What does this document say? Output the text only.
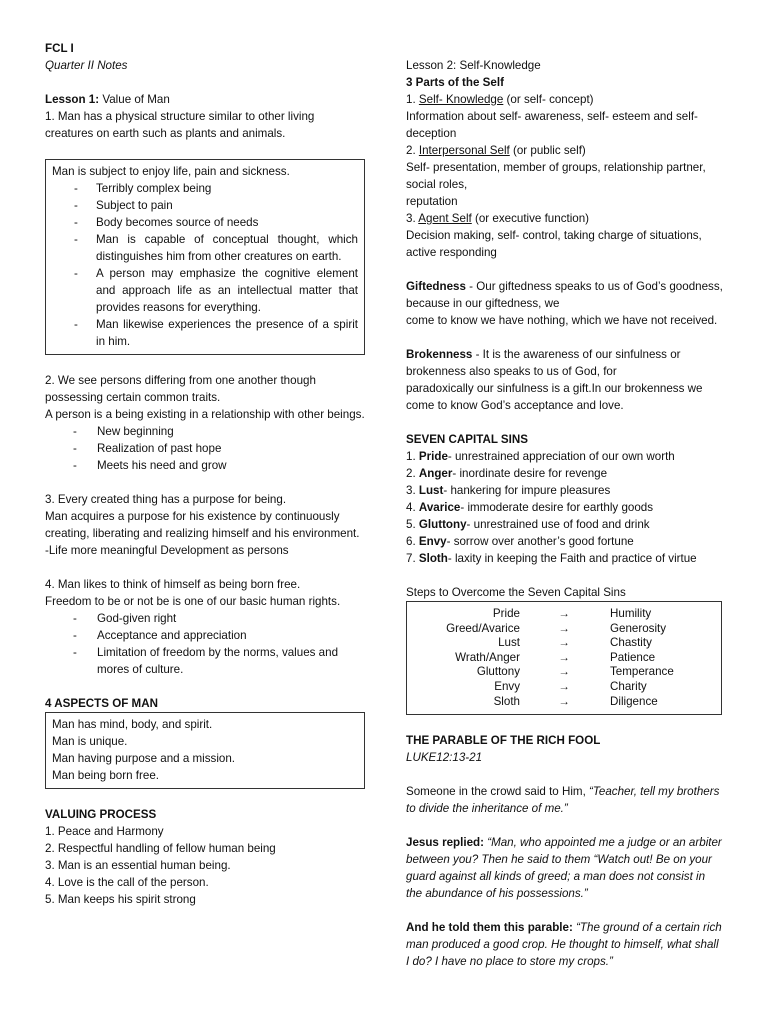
FCL I

Quarter II Notes

Lesson 1: Value of Man

1. Man has a physical structure similar to other living creatures on earth such as plants and animals.

Man is subject to enjoy life, pain and sickness.

- Terribly complex being
- Subject to pain
- Body becomes source of needs
- Man is capable of conceptual thought, which distinguishes him from other creatures on earth.
- A person may emphasize the cognitive element and approach life as an intellectual matter that provides reasons for everything.
- Man likewise experiences the presence of a spirit in him.

2. We see persons differing from one another though possessing certain common traits.

A person is a being existing in a relationship with other beings.

- New beginning
- Realization of past hope
- Meets his need and grow

3. Every created thing has a purpose for being.

Man acquires a purpose for his existence by continuously creating, liberating and realizing himself and his environment.

-Life more meaningful Development as persons

4. Man likes to think of himself as being born free.

Freedom to be or not be is one of our basic human rights.

- God-given right
- Acceptance and appreciation
- Limitation of freedom by the norms, values and mores of culture.

4 ASPECTS OF MAN

Man has mind, body, and spirit.

Man is unique.

Man having purpose and a mission.

Man being born free.

VALUING PROCESS

1. Peace and Harmony

2. Respectful handling of fellow human being

3. Man is an essential human being.

4. Love is the call of the person.

5. Man keeps his spirit strong

Lesson 2: Self-Knowledge

3 Parts of the Self

1. Self- Knowledge (or self- concept)

Information about self- awareness, self- esteem and self- deception

2. Interpersonal Self (or public self)

Self- presentation, member of groups, relationship partner, social roles,

reputation

3. Agent Self (or executive function)

Decision making, self- control, taking charge of situations, active responding

Giftedness - Our giftedness speaks to us of God’s goodness, because in our giftedness, we

come to know we have nothing, which we have not received.

Brokenness - It is the awareness of our sinfulness or brokenness also speaks to us of God, for

paradoxically our sinfulness is a gift.In our brokenness we come to know God’s acceptance and love.

SEVEN CAPITAL SINS

1. Pride- unrestrained appreciation of our own worth

2. Anger- inordinate desire for revenge

3. Lust- hankering for impure pleasures

4. Avarice- immoderate desire for earthly goods

5. Gluttony- unrestrained use of food and drink

6. Envy- sorrow over another’s good fortune

7. Sloth- laxity in keeping the Faith and practice of virtue

Steps to Overcome the Seven Capital Sins

Pride	→	Humility
Greed/Avarice	→	Generosity
Lust	→	Chastity
Wrath/Anger	→	Patience
Gluttony	→	Temperance
Envy	→	Charity
Sloth	→	Diligence

THE PARABLE OF THE RICH FOOL

LUKE12:13-21

Someone in the crowd said to Him, “Teacher, tell my brothers to divide the inheritance of me.”

Jesus replied: “Man, who appointed me a judge or an arbiter between you? Then he said to them “Watch out! Be on your guard against all kinds of greed; a man does not consist in the abundance of his possessions.”

And he told them this parable: “The ground of a certain rich man produced a good crop. He thought to himself, what shall I do? I have no place to store my crops.”
